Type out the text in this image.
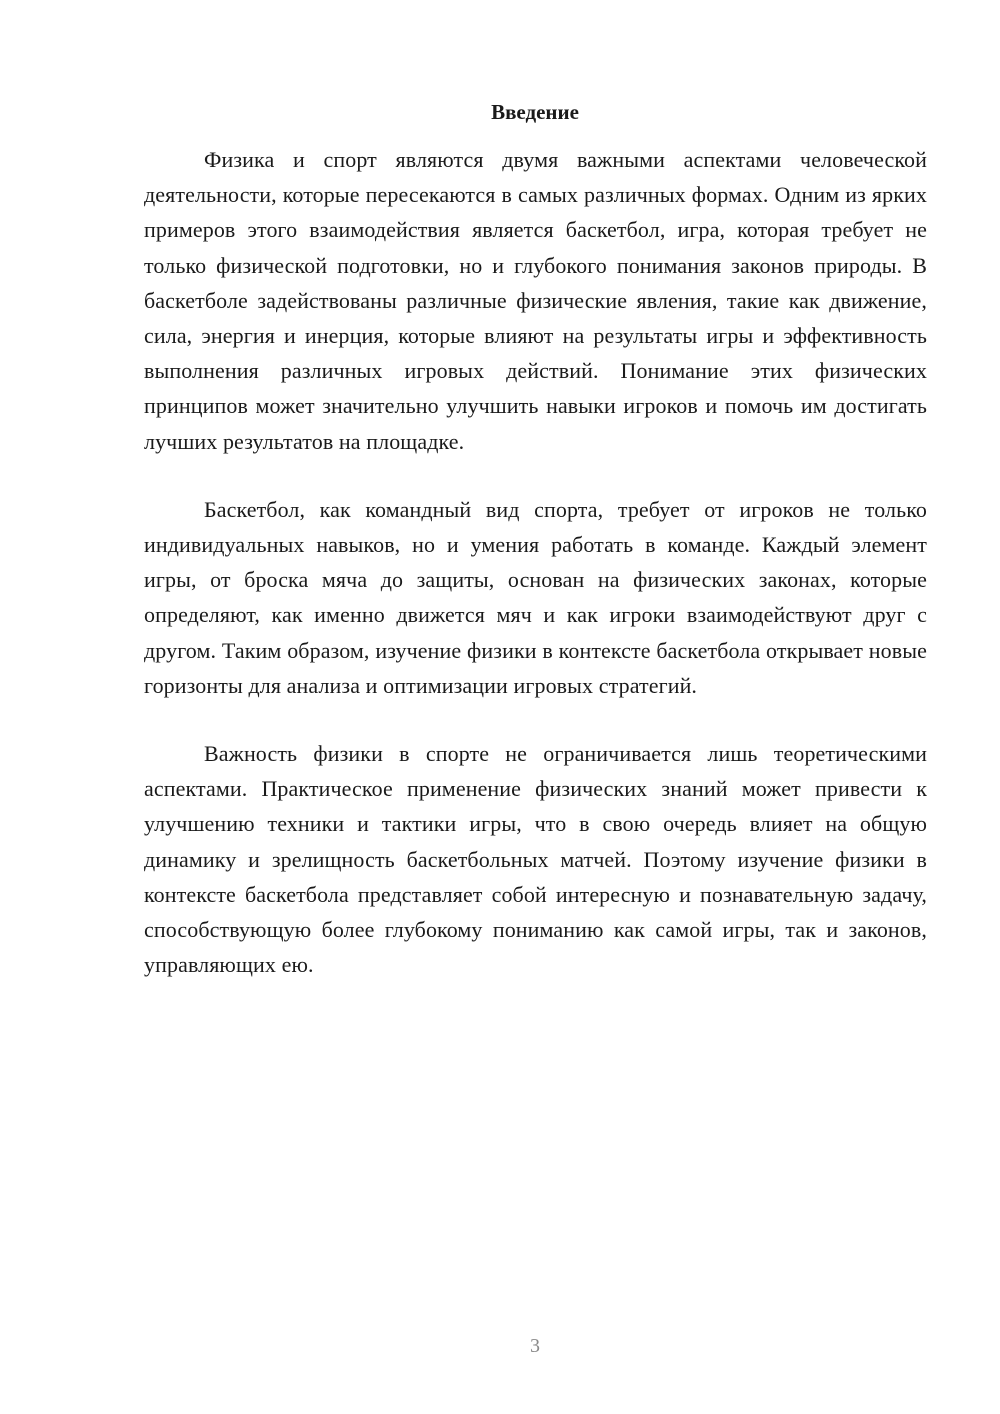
Введение

Физика и спорт являются двумя важными аспектами человеческой деятельности, которые пересекаются в самых различных формах. Одним из ярких примеров этого взаимодействия является баскетбол, игра, которая требует не только физической подготовки, но и глубокого понимания законов природы. В баскетболе задействованы различные физические явления, такие как движение, сила, энергия и инерция, которые влияют на результаты игры и эффективность выполнения различных игровых действий. Понимание этих физических принципов может значительно улучшить навыки игроков и помочь им достигать лучших результатов на площадке.

Баскетбол, как командный вид спорта, требует от игроков не только индивидуальных навыков, но и умения работать в команде. Каждый элемент игры, от броска мяча до защиты, основан на физических законах, которые определяют, как именно движется мяч и как игроки взаимодействуют друг с другом. Таким образом, изучение физики в контексте баскетбола открывает новые горизонты для анализа и оптимизации игровых стратегий.

Важность физики в спорте не ограничивается лишь теоретическими аспектами. Практическое применение физических знаний может привести к улучшению техники и тактики игры, что в свою очередь влияет на общую динамику и зрелищность баскетбольных матчей. Поэтому изучение физики в контексте баскетбола представляет собой интересную и познавательную задачу, способствующую более глубокому пониманию как самой игры, так и законов, управляющих ею.

3
